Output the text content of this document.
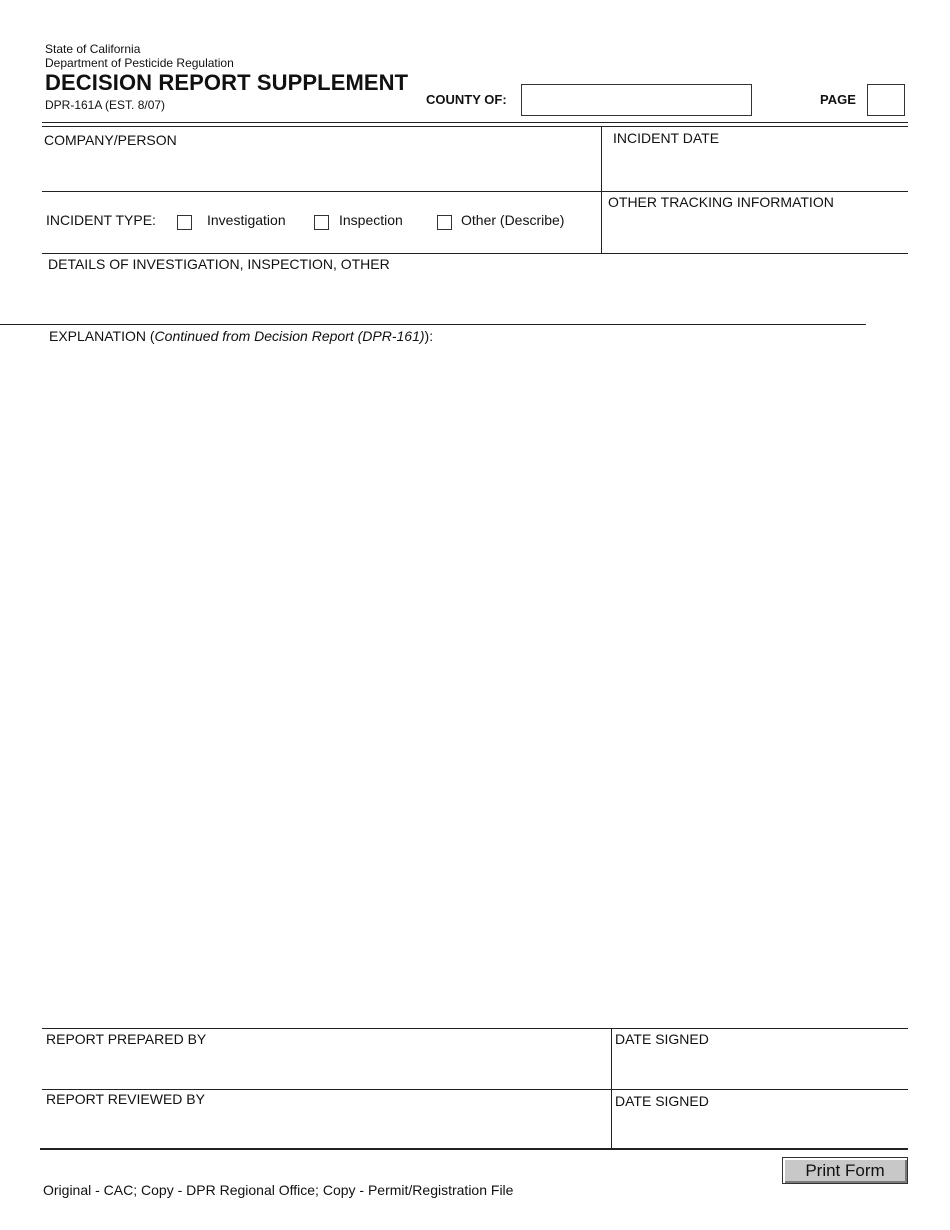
State of California
Department of Pesticide Regulation
DECISION REPORT SUPPLEMENT
DPR-161A (EST. 8/07)	COUNTY OF:	PAGE
COMPANY/PERSON	INCIDENT DATE
INCIDENT TYPE:	Investigation	Inspection	Other (Describe)
OTHER TRACKING INFORMATION
DETAILS OF INVESTIGATION, INSPECTION, OTHER
EXPLANATION (Continued from Decision Report (DPR-161)):
REPORT PREPARED BY	DATE SIGNED
REPORT REVIEWED BY	DATE SIGNED
Print Form
Original - CAC; Copy - DPR Regional Office; Copy - Permit/Registration File
